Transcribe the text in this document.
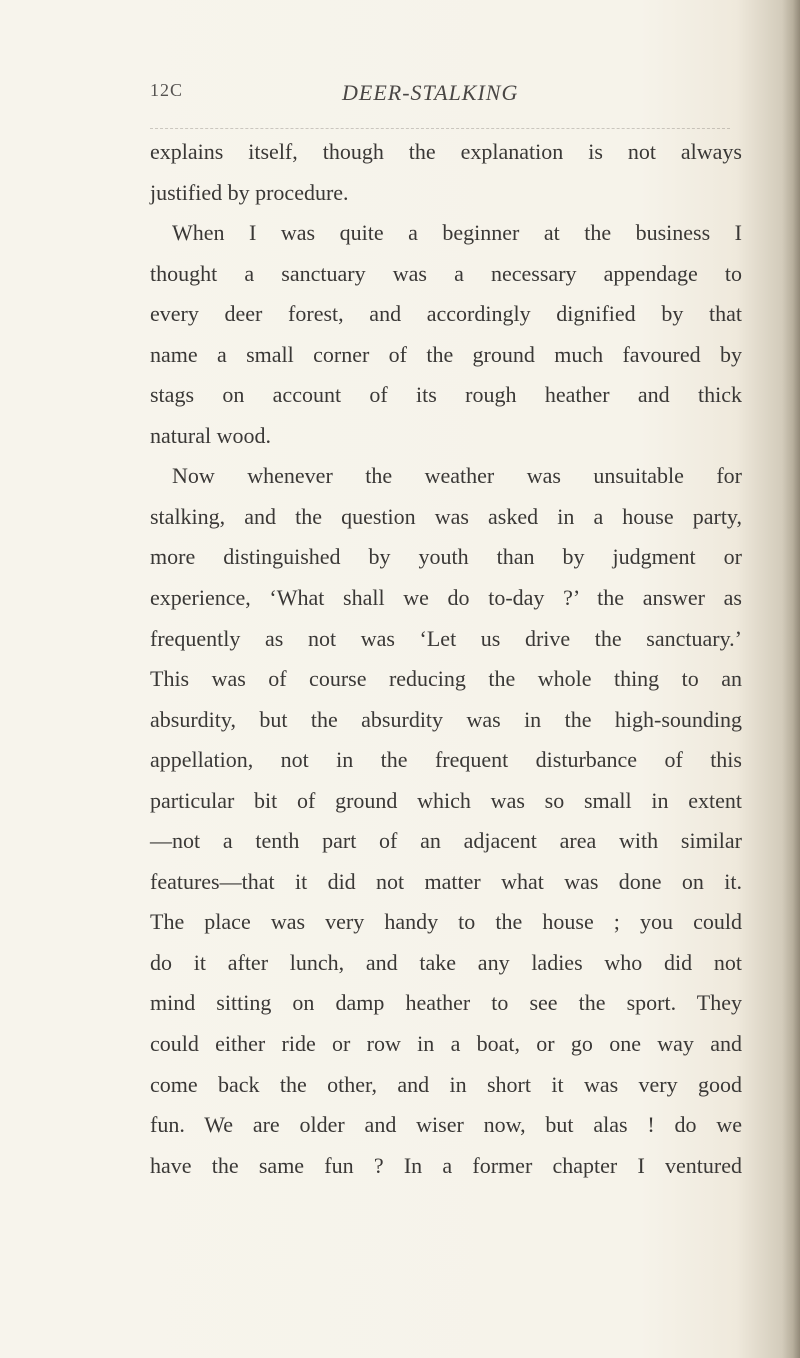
12C	DEER-STALKING
explains itself, though the explanation is not always
justified by procedure.
When I was quite a beginner at the business I
thought a sanctuary was a necessary appendage to
every deer forest, and accordingly dignified by that
name a small corner of the ground much favoured by
stags on account of its rough heather and thick
natural wood.
Now whenever the weather was unsuitable for
stalking, and the question was asked in a house party,
more distinguished by youth than by judgment or
experience, ‘What shall we do to-day ?’ the answer as
frequently as not was ‘Let us drive the sanctuary.’
This was of course reducing the whole thing to an
absurdity, but the absurdity was in the high-sounding
appellation, not in the frequent disturbance of this
particular bit of ground which was so small in extent
—not a tenth part of an adjacent area with similar
features—that it did not matter what was done on it.
The place was very handy to the house ; you could
do it after lunch, and take any ladies who did not
mind sitting on damp heather to see the sport. They
could either ride or row in a boat, or go one way and
come back the other, and in short it was very good
fun. We are older and wiser now, but alas ! do we
have the same fun ? In a former chapter I ventured
